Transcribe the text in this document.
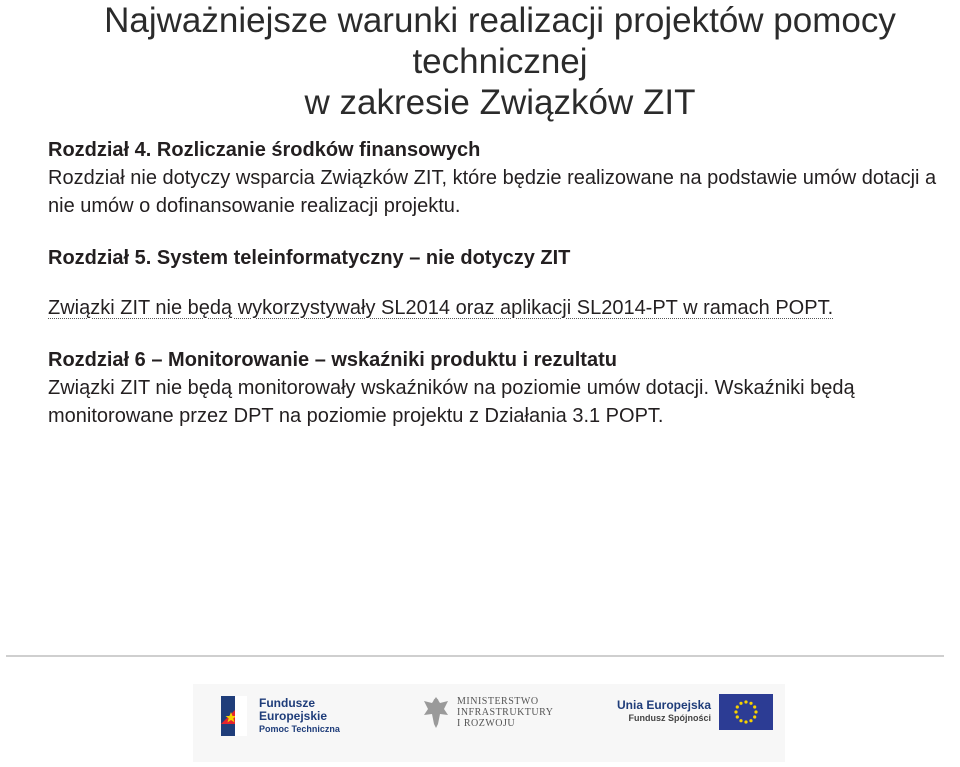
Najważniejsze warunki realizacji projektów pomocy
technicznej
w zakresie Związków ZIT

Rozdział 4. Rozliczanie środków finansowych

Rozdział nie dotyczy wsparcia Związków ZIT, które będzie realizowane na podstawie umów dotacji a nie umów o dofinansowanie realizacji projektu.

Rozdział 5. System teleinformatyczny – nie dotyczy ZIT

Związki ZIT nie będą wykorzystywały SL2014 oraz aplikacji SL2014-PT w ramach POPT.

Rozdział 6 – Monitorowanie – wskaźniki produktu i rezultatu

Związki ZIT nie będą monitorowały wskaźników na poziomie umów dotacji. Wskaźniki będą monitorowane przez DPT na poziomie projektu z Działania 3.1 POPT.

Fundusze
Europejskie
Pomoc Techniczna
MINISTERSTWO
INFRASTRUKTURY
I ROZWOJU
Unia Europejska
Fundusz Spójności
